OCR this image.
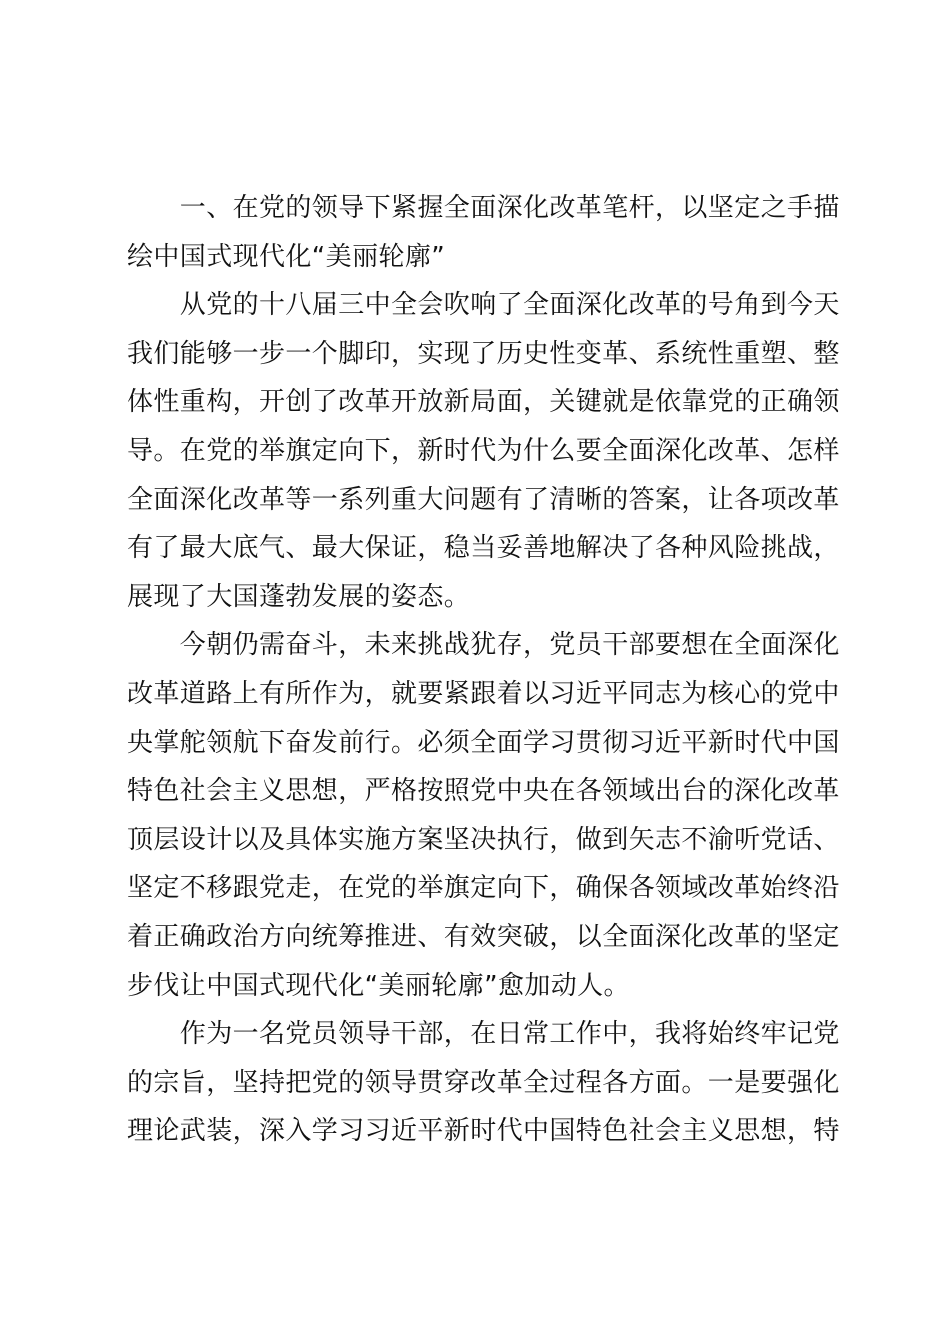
　　一、在党的领导下紧握全面深化改革笔杆，以坚定之手描
绘中国式现代化“美丽轮廓”
　　从党的十八届三中全会吹响了全面深化改革的号角到今天
我们能够一步一个脚印，实现了历史性变革、系统性重塑、整
体性重构，开创了改革开放新局面，关键就是依靠党的正确领
导。在党的举旗定向下，新时代为什么要全面深化改革、怎样
全面深化改革等一系列重大问题有了清晰的答案，让各项改革
有了最大底气、最大保证，稳当妥善地解决了各种风险挑战，
展现了大国蓬勃发展的姿态。
　　今朝仍需奋斗，未来挑战犹存，党员干部要想在全面深化
改革道路上有所作为，就要紧跟着以习近平同志为核心的党中
央掌舵领航下奋发前行。必须全面学习贯彻习近平新时代中国
特色社会主义思想，严格按照党中央在各领域出台的深化改革
顶层设计以及具体实施方案坚决执行，做到矢志不渝听党话、
坚定不移跟党走，在党的举旗定向下，确保各领域改革始终沿
着正确政治方向统筹推进、有效突破，以全面深化改革的坚定
步伐让中国式现代化“美丽轮廓”愈加动人。
　　作为一名党员领导干部，在日常工作中，我将始终牢记党
的宗旨，坚持把党的领导贯穿改革全过程各方面。一是要强化
理论武装，深入学习习近平新时代中国特色社会主义思想，特
